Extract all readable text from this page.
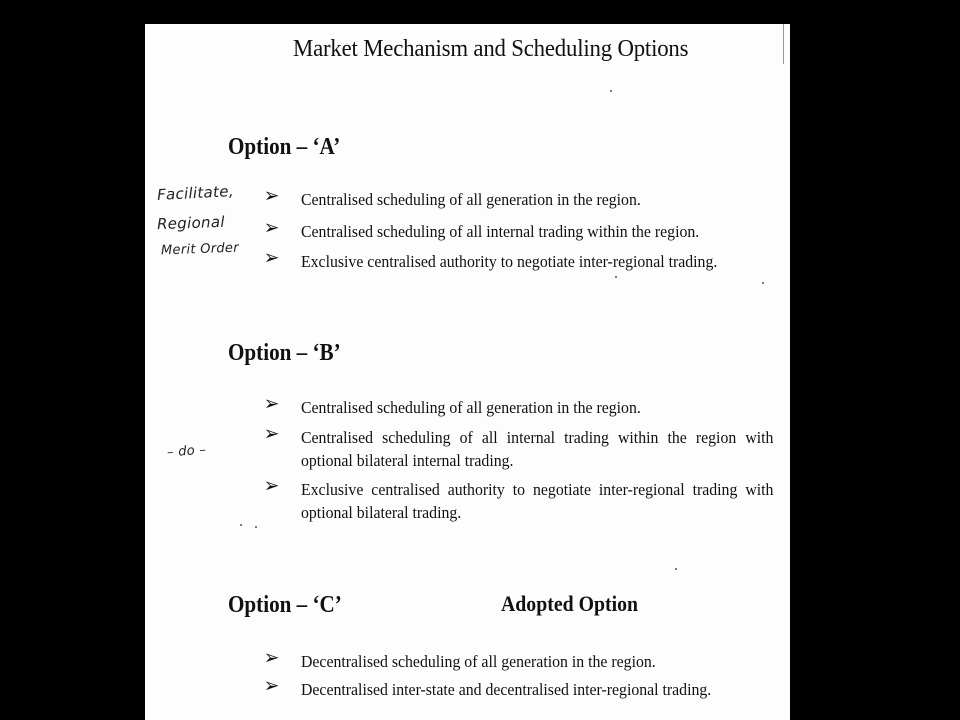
Market Mechanism and Scheduling Options
Facilitate,
Regional
Merit Order
– do –
Option – ‘A’
➢ Centralised scheduling of all generation in the region.
➢ Centralised scheduling of all internal trading within the region.
➢ Exclusive centralised authority to negotiate inter-regional trading.
Option – ‘B’
➢ Centralised scheduling of all generation in the region.
➢ Centralised scheduling of all internal trading within the region with optional bilateral internal trading.
➢ Exclusive centralised authority to negotiate inter-regional trading with optional bilateral trading.
Option – ‘C’	Adopted Option
➢ Decentralised scheduling of all generation in the region.
➢ Decentralised inter-state and decentralised inter-regional trading.
